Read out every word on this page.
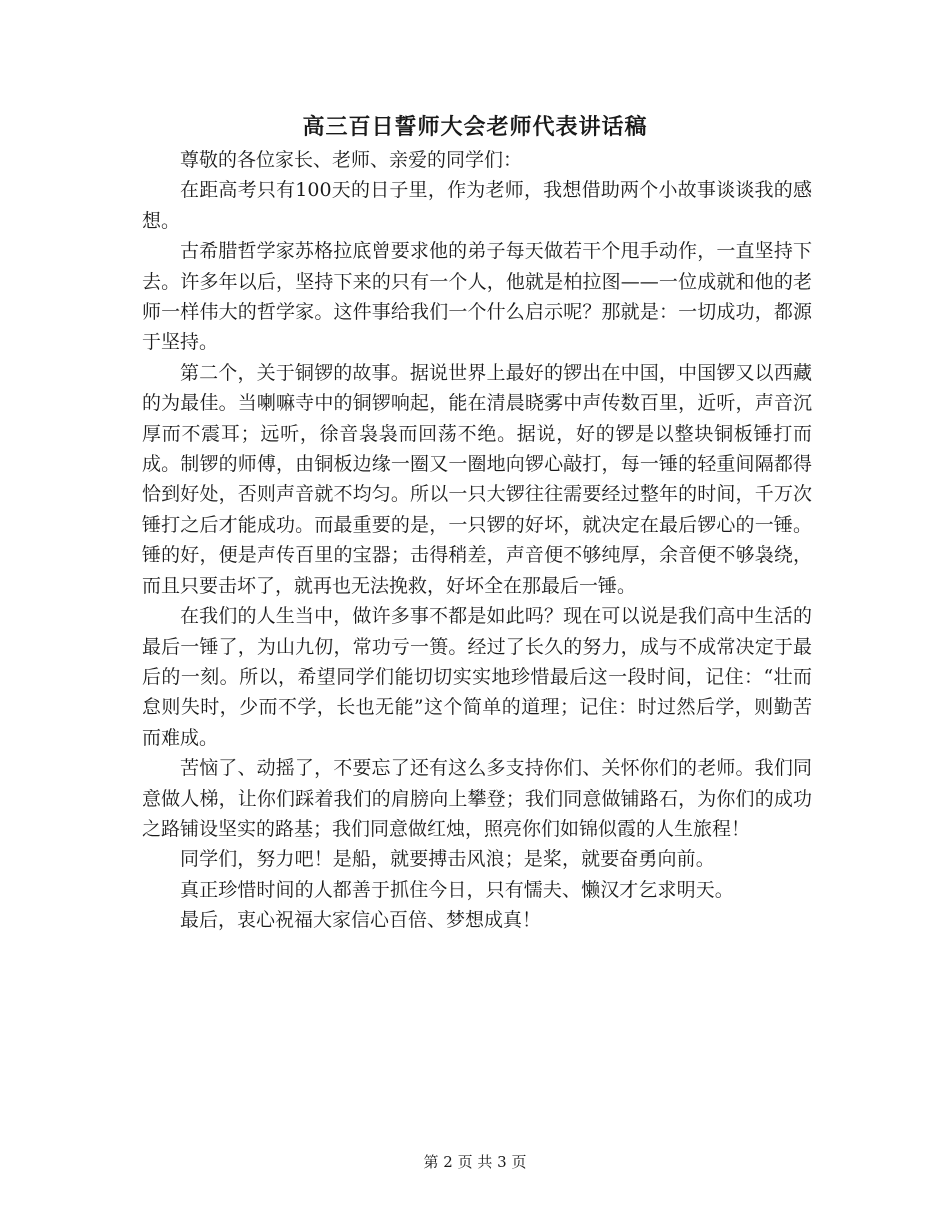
高三百日誓师大会老师代表讲话稿

尊敬的各位家长、老师、亲爱的同学们：

在距高考只有100天的日子里，作为老师，我想借助两个小故事谈谈我的感想。

古希腊哲学家苏格拉底曾要求他的弟子每天做若干个甩手动作，一直坚持下去。许多年以后，坚持下来的只有一个人，他就是柏拉图——一位成就和他的老师一样伟大的哲学家。这件事给我们一个什么启示呢？那就是：一切成功，都源于坚持。

第二个，关于铜锣的故事。据说世界上最好的锣出在中国，中国锣又以西藏的为最佳。当喇嘛寺中的铜锣响起，能在清晨晓雾中声传数百里，近听，声音沉厚而不震耳；远听，徐音袅袅而回荡不绝。据说，好的锣是以整块铜板锤打而成。制锣的师傅，由铜板边缘一圈又一圈地向锣心敲打，每一锤的轻重间隔都得恰到好处，否则声音就不均匀。所以一只大锣往往需要经过整年的时间，千万次锤打之后才能成功。而最重要的是，一只锣的好坏，就决定在最后锣心的一锤。锤的好，便是声传百里的宝器；击得稍差，声音便不够纯厚，余音便不够袅绕，而且只要击坏了，就再也无法挽救，好坏全在那最后一锤。

在我们的人生当中，做许多事不都是如此吗？现在可以说是我们高中生活的最后一锤了，为山九仞，常功亏一篑。经过了长久的努力，成与不成常决定于最后的一刻。所以，希望同学们能切切实实地珍惜最后这一段时间，记住：“壮而怠则失时，少而不学，长也无能”这个简单的道理；记住：时过然后学，则勤苦而难成。

苦恼了、动摇了，不要忘了还有这么多支持你们、关怀你们的老师。我们同意做人梯，让你们踩着我们的肩膀向上攀登；我们同意做铺路石，为你们的成功之路铺设坚实的路基；我们同意做红烛，照亮你们如锦似霞的人生旅程！

同学们，努力吧！是船，就要搏击风浪；是桨，就要奋勇向前。

真正珍惜时间的人都善于抓住今日，只有懦夫、懒汉才乞求明天。

最后，衷心祝福大家信心百倍、梦想成真！

第 2 页 共 3 页
